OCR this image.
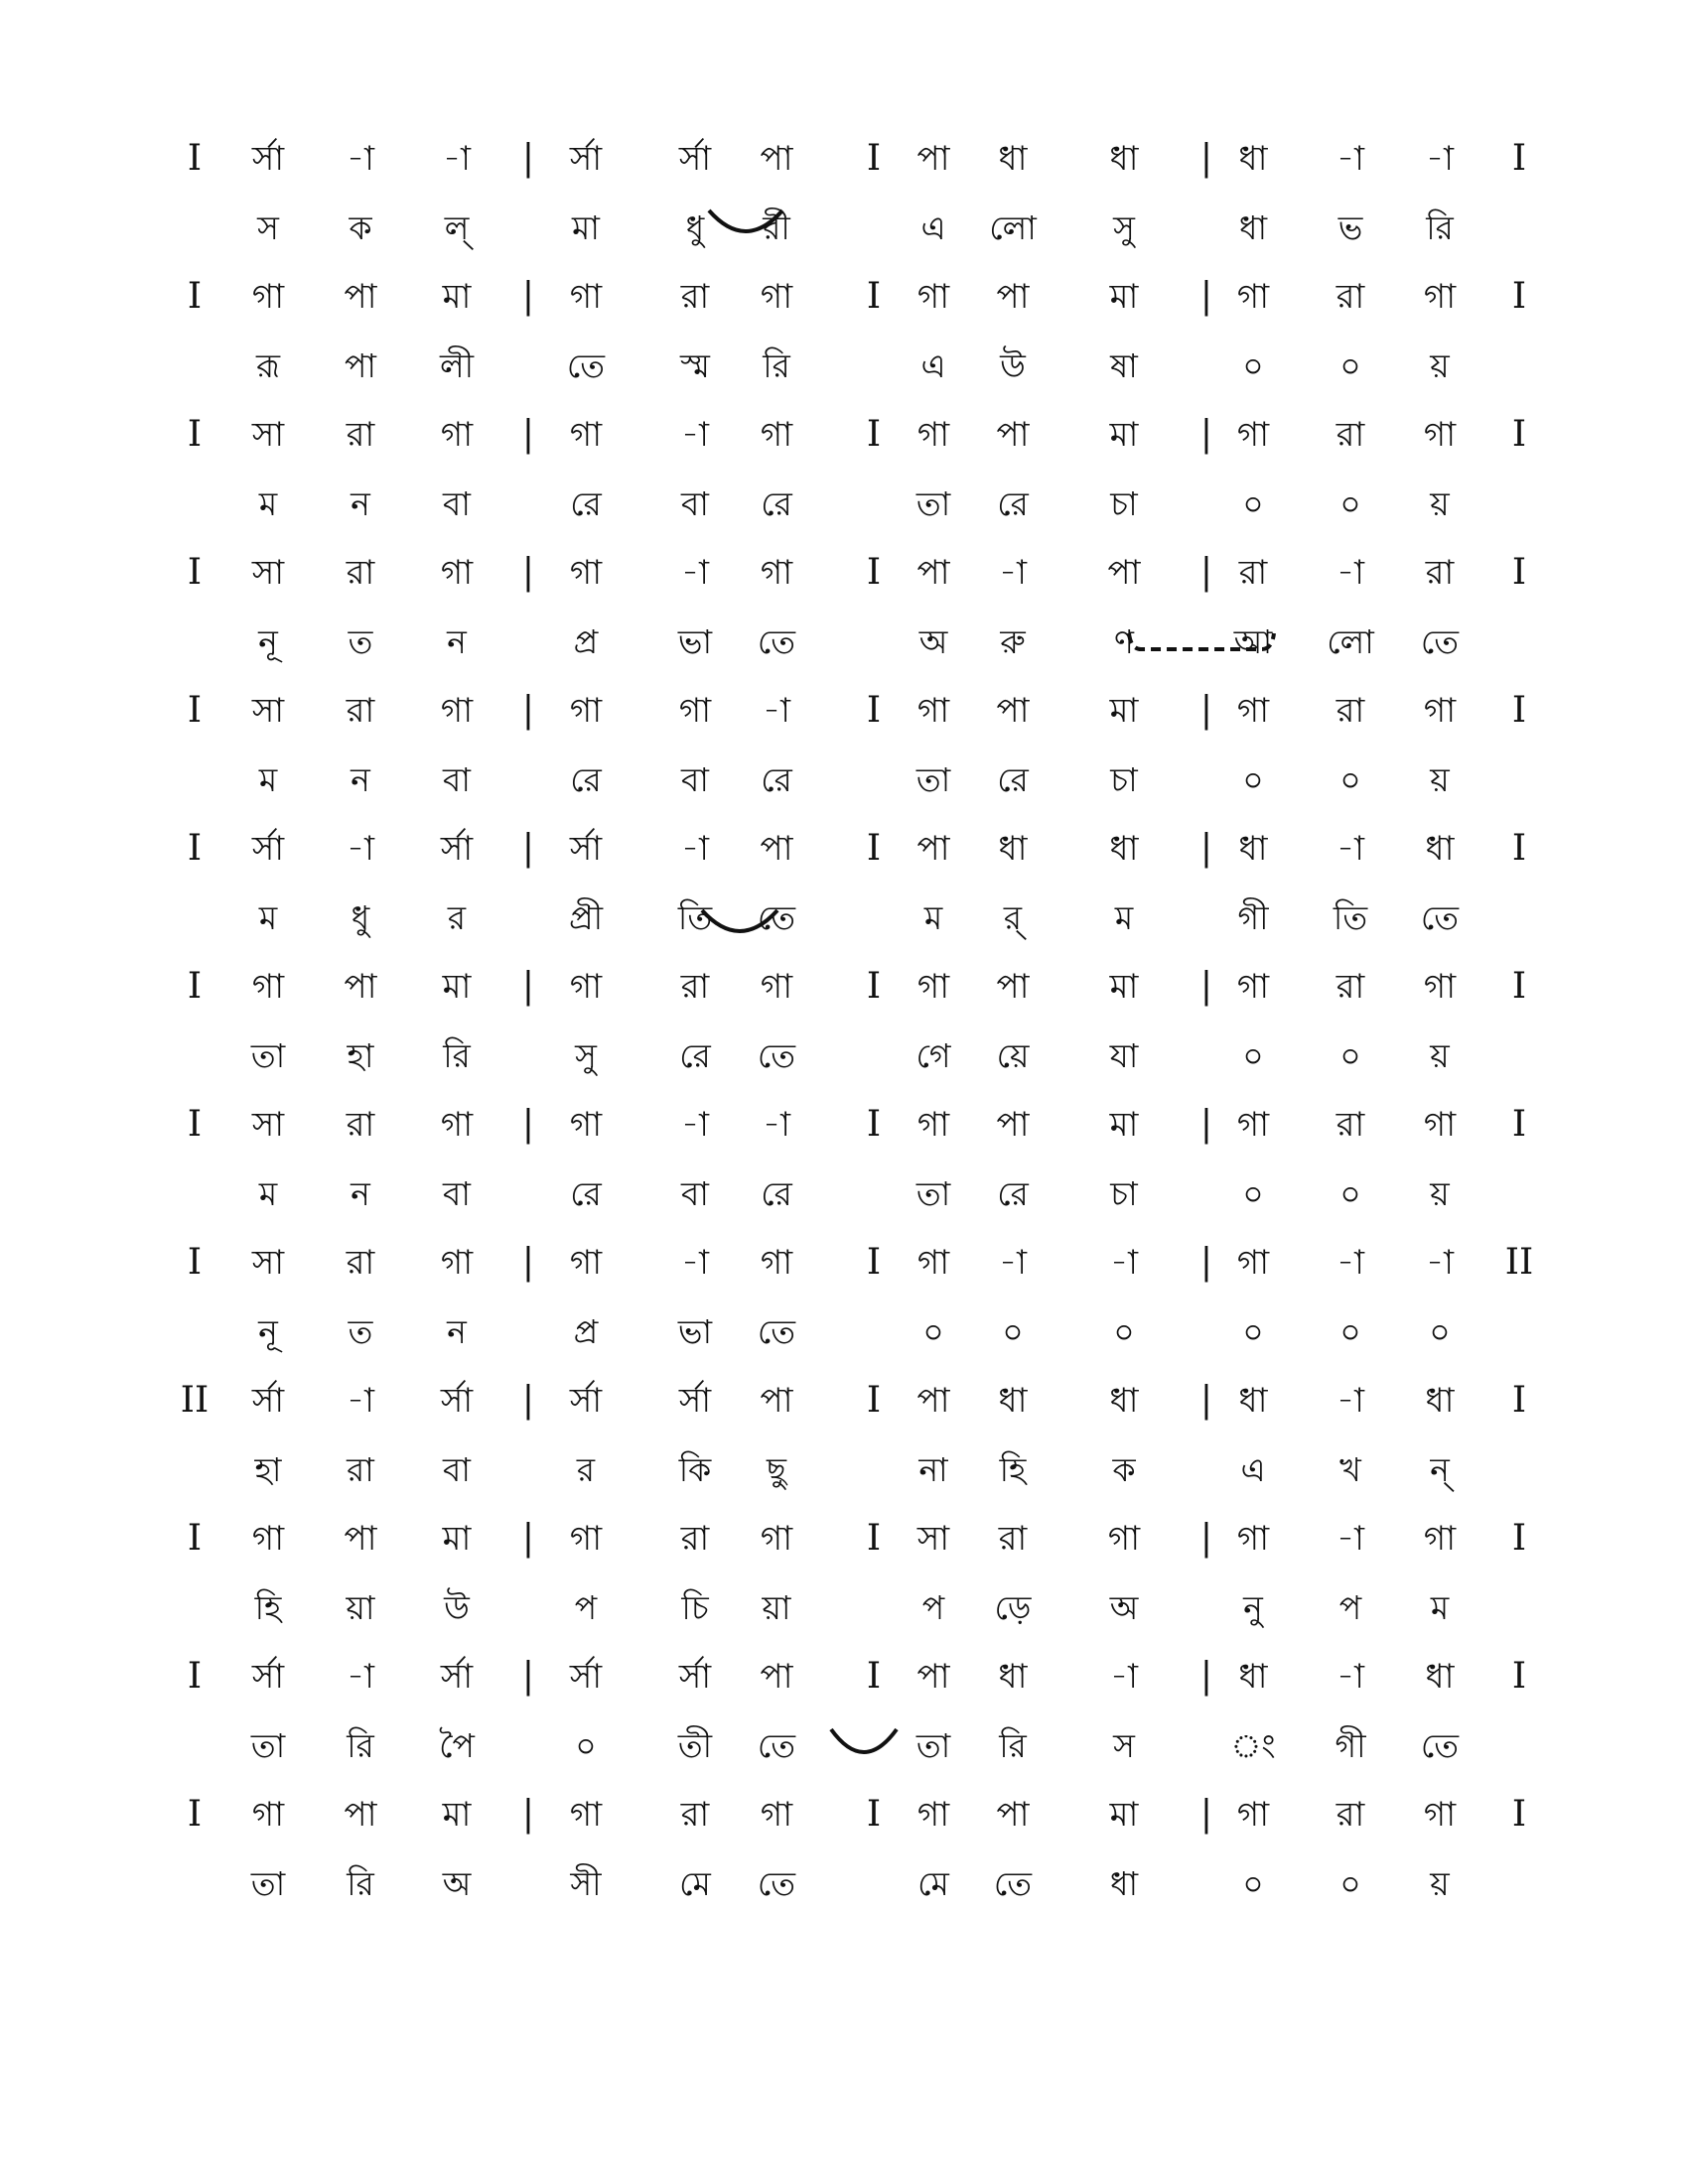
I	র্সা	-া	-া	|	র্সা	র্সা	পা	I	পা	ধা	ধা	| ধা	-া	-া	I
স	ক	ল্	মা	ধু	রী	এ	লো	সু	ধা	ভ	রি
I	গা	পা	মা	|	গা	রা	গা	I	গা	পা	মা	| গা	রা	গা	I
রূ	পা	লী	তে	স্ম	রি	এ	উ	ষা	০	০	য়
I	সা	রা	গা	|	গা	-া	গা	I	গা	পা	মা	| গা	রা	গা	I
ম	ন	বা	রে	বা	রে	তা	রে	চা	০	০	য়
I	সা	রা	গা	|	গা	-া	গা	I	পা	-া	পা	| রা	-া	রা	I
নূ	ত	ন	প্র	ভা	তে	অ	রু	ণ	আ	লো	তে
I	সা	রা	গা	|	গা	গা	-া	I	গা	পা	মা	| গা	রা	গা	I
ম	ন	বা	রে	বা	রে	তা	রে	চা	০	০	য়
I	র্সা	-া	র্সা	|	র্সা	-া	পা	I	পা	ধা	ধা	| ধা	-া	ধা	I
ম	ধু	র	প্রী	তি	তে	ম	র্	ম	গী	তি	তে
I	গা	পা	মা	|	গা	রা	গা	I	গা	পা	মা	| গা	রা	গা	I
তা	হা	রি	সু	রে	তে	গে	য়ে	যা	০	০	য়
I	সা	রা	গা	|	গা	-া	-া	I	গা	পা	মা	| গা	রা	গা	I
ম	ন	বা	রে	বা	রে	তা	রে	চা	০	০	য়
I	সা	রা	গা	|	গা	-া	গা	I	গা	-া	-া	| গা	-া	-া	II
নূ	ত	ন	প্র	ভা	তে	০	০	০	০	০	০
II	র্সা	-া	র্সা	|	র্সা	র্সা	পা	I	পা	ধা	ধা	| ধা	-া	ধা	I
হা	রা	বা	র	কি	ছু	না	হি	ক	এ	খ	ন্
I	গা	পা	মা	|	গা	রা	গা	I	সা	রা	গা	| গা	-া	গা	I
হি	য়া	উ	প	চি	য়া	প	ড়ে	অ	নু	প	ম
I	র্সা	-া	র্সা	|	র্সা	র্সা	পা	I	পা	ধা	-া	| ধা	-া	ধা	I
তা	রি	পৈ	০	তী	তে	তা	রি	স	ং	গী	তে
I	গা	পা	মা	|	গা	রা	গা	I	গা	পা	মা	| গা	রা	গা	I
তা	রি	অ	সী	মে	তে	মে	তে	ধা	০	০	য়
